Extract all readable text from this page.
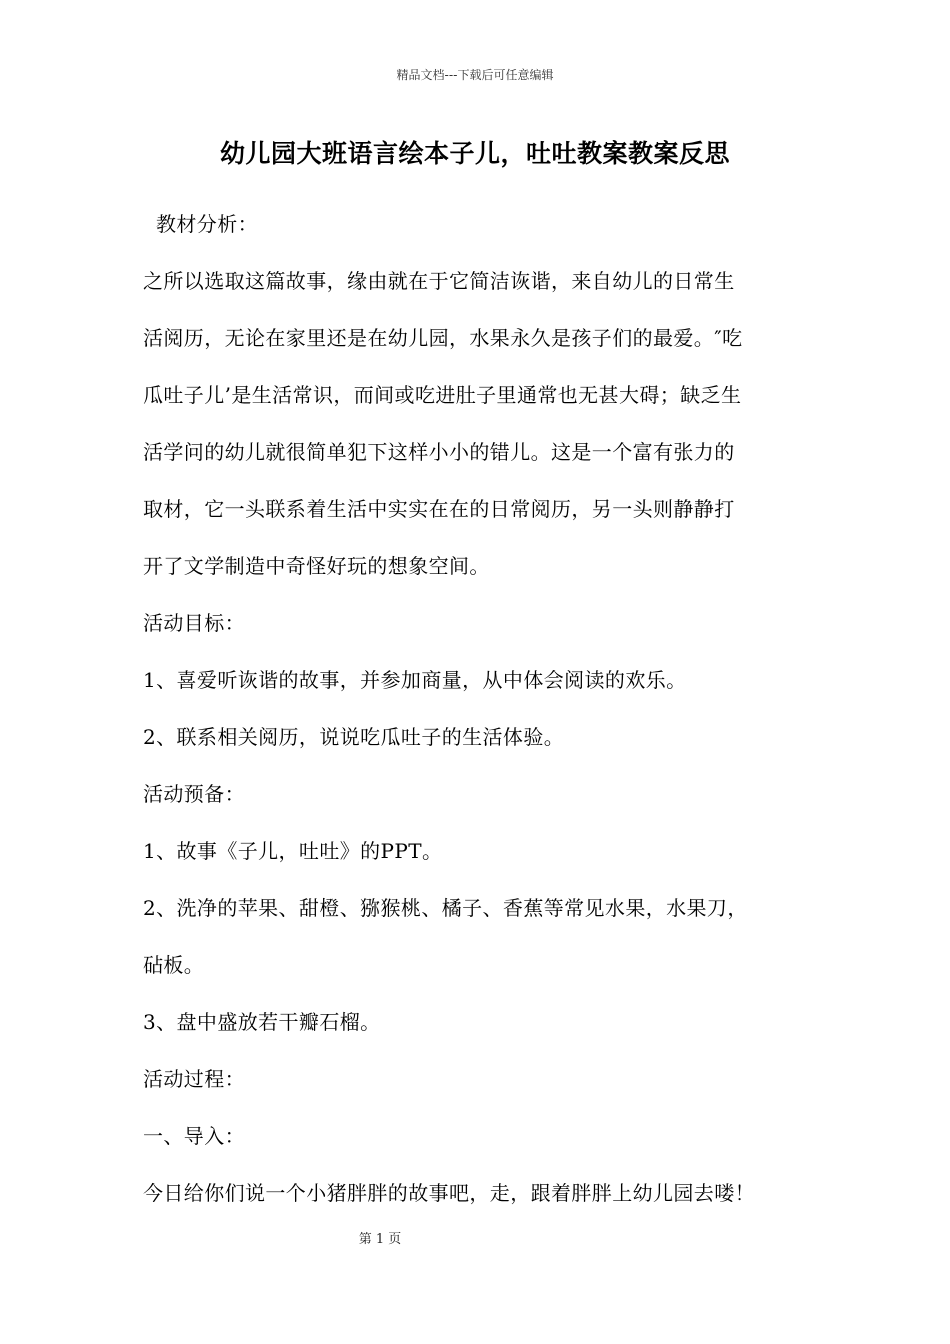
精品文档---下载后可任意编辑
幼儿园大班语言绘本子儿，吐吐教案教案反思
教材分析：
之所以选取这篇故事，缘由就在于它简洁诙谐，来自幼儿的日常生
活阅历，无论在家里还是在幼儿园，水果永久是孩子们的最爱。″吃
瓜吐子儿’是生活常识，而间或吃进肚子里通常也无甚大碍；缺乏生
活学问的幼儿就很简单犯下这样小小的错儿。这是一个富有张力的
取材，它一头联系着生活中实实在在的日常阅历，另一头则静静打
开了文学制造中奇怪好玩的想象空间。
活动目标：
1、喜爱听诙谐的故事，并参加商量，从中体会阅读的欢乐。
2、联系相关阅历，说说吃瓜吐子的生活体验。
活动预备：
1、故事《子儿，吐吐》的PPT。
2、洗净的苹果、甜橙、猕猴桃、橘子、香蕉等常见水果，水果刀，
砧板。
3、盘中盛放若干瓣石榴。
活动过程：
一、导入：
今日给你们说一个小猪胖胖的故事吧，走，跟着胖胖上幼儿园去喽！
第 1 页
